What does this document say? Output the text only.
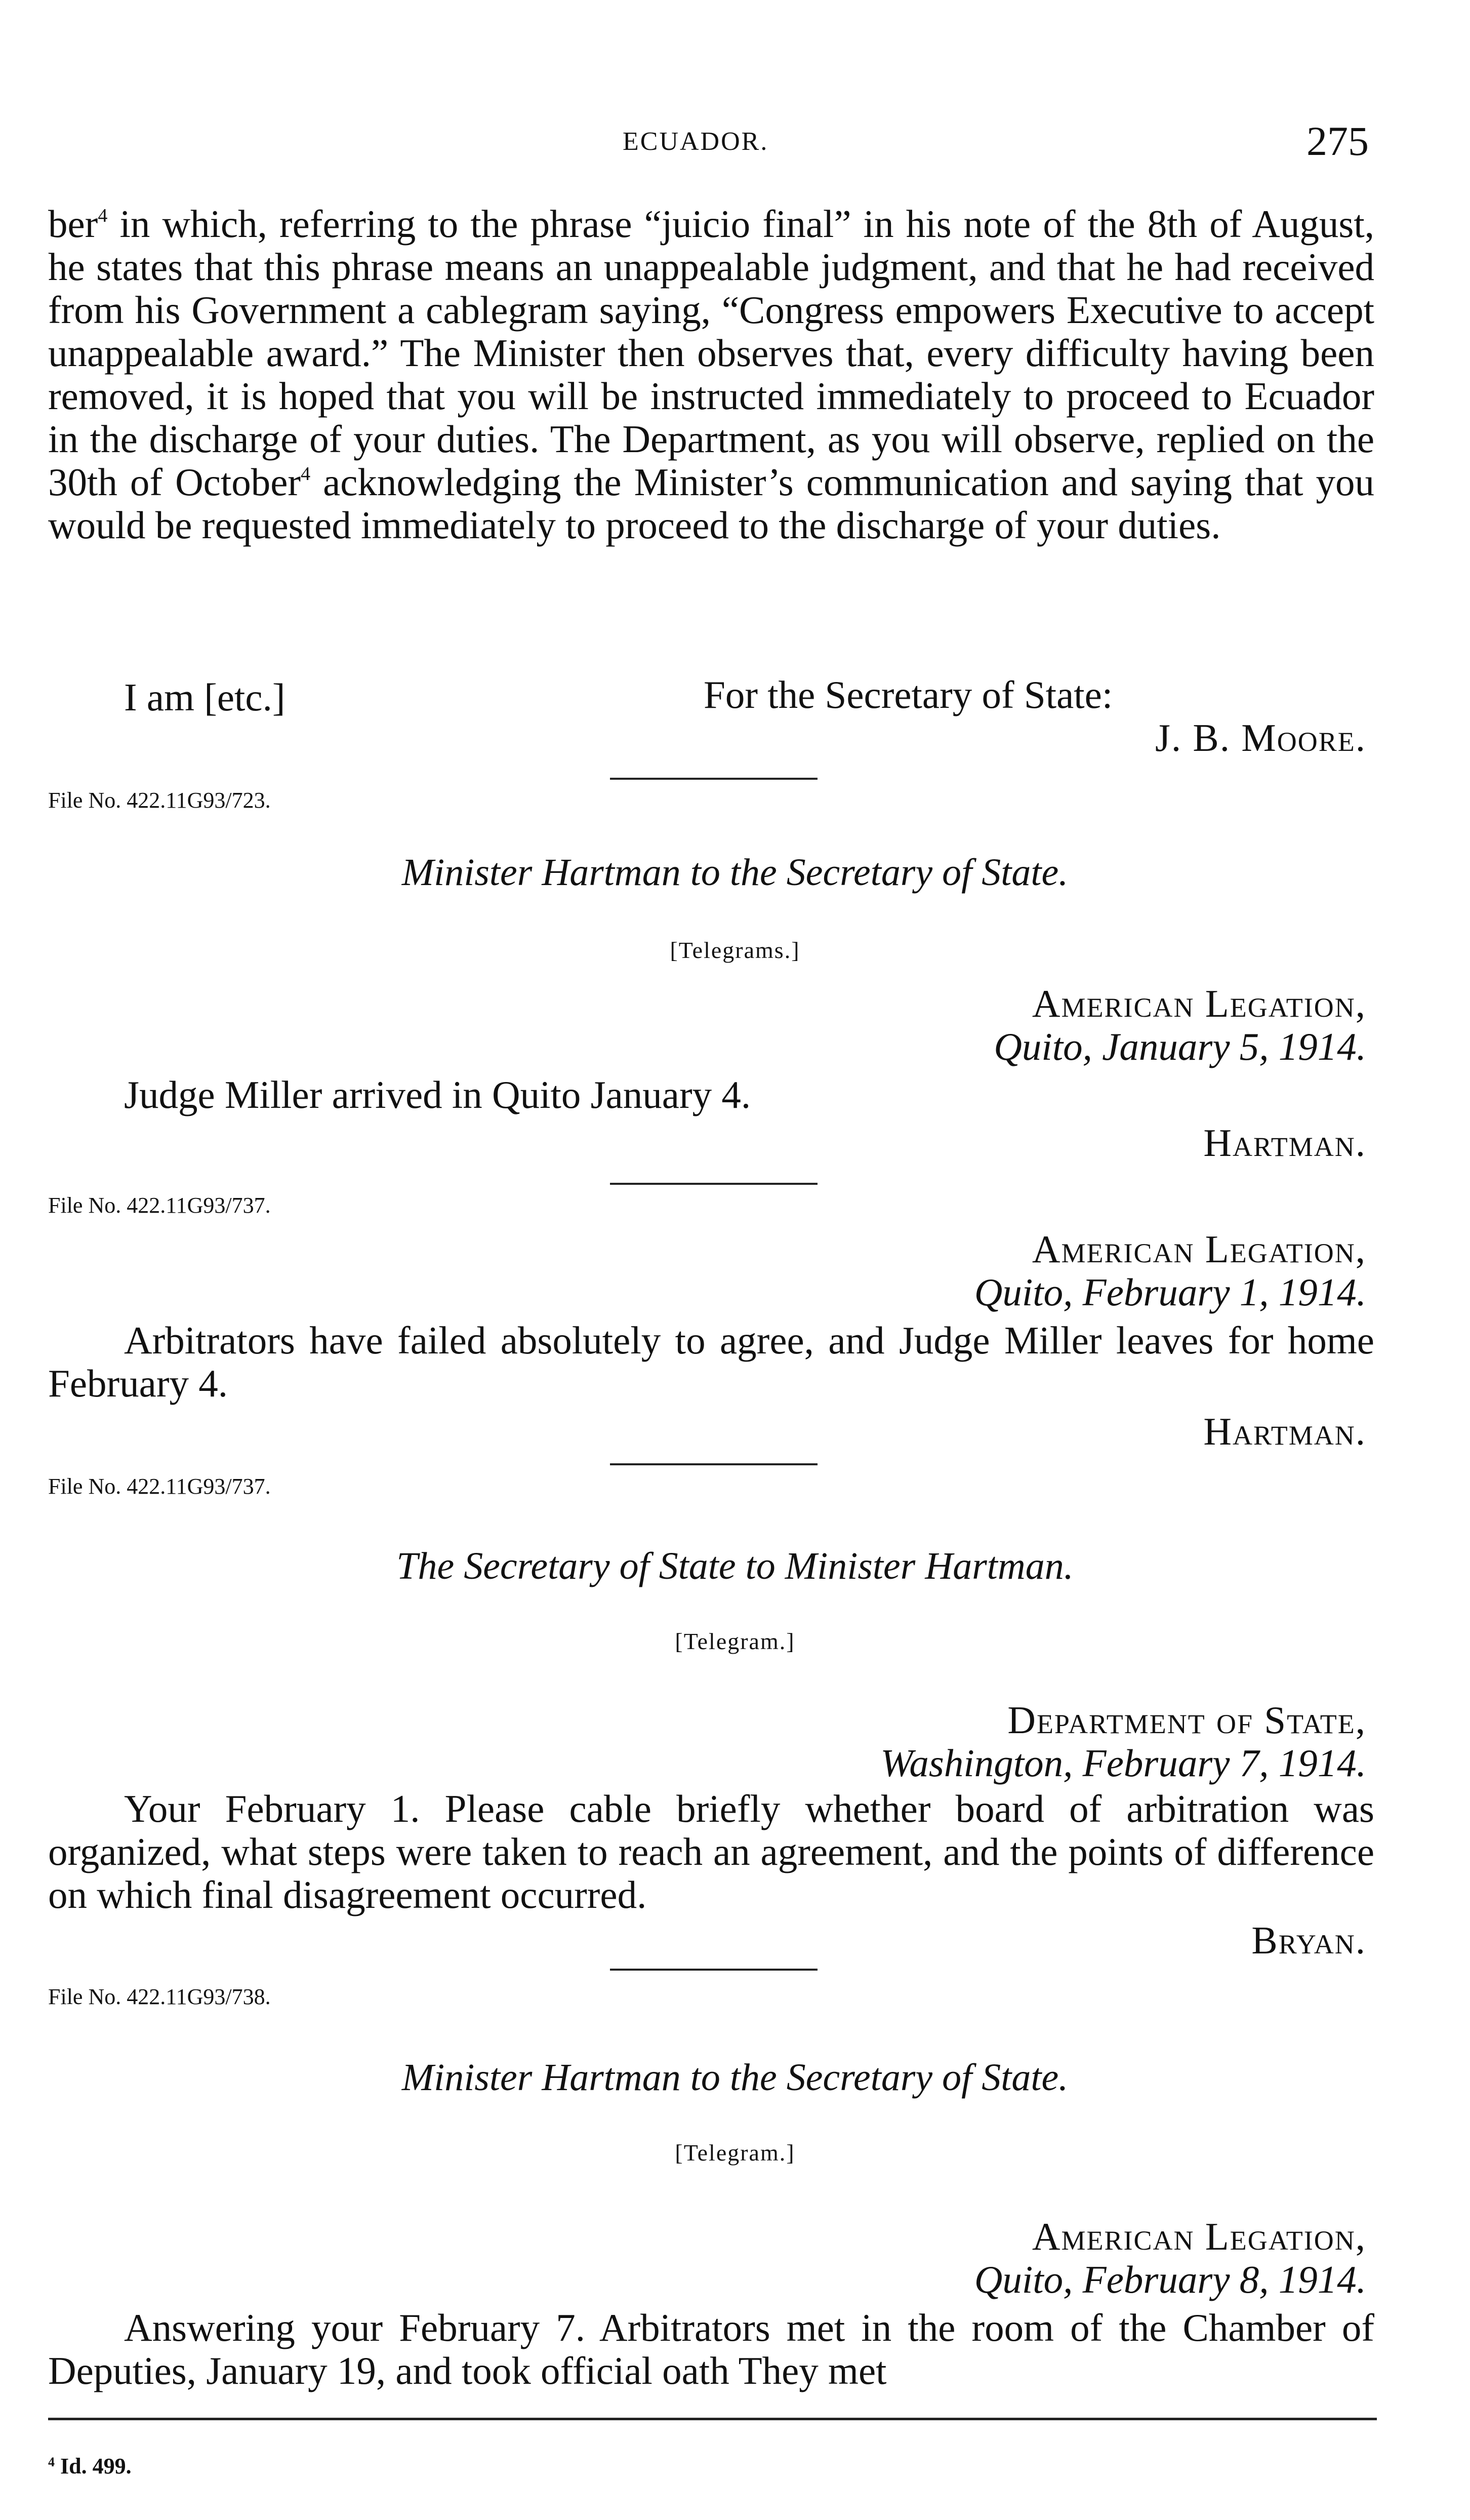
ECUADOR.	275

ber$^4$ in which, referring to the phrase “juicio final” in his note of the 8th of August, he states that this phrase means an unappealable judgment, and that he had received from his Government a cablegram saying, “Congress empowers Executive to accept unappealable award.” The Minister then observes that, every difficulty having been removed, it is hoped that you will be instructed immediately to proceed to Ecuador in the discharge of your duties. The Department, as you will observe, replied on the 30th of October$^4$ acknowledging the Minister’s communication and saying that you would be requested immediately to proceed to the discharge of your duties.

I am [etc.]	For the Secretary of State:

J. B. Moore.

File No. 422.11G93/723.

Minister Hartman to the Secretary of State.

[Telegrams.]

American Legation,

Quito, January 5, 1914.

Judge Miller arrived in Quito January 4.

Hartman.

File No. 422.11G93/737.

American Legation,

Quito, February 1, 1914.

Arbitrators have failed absolutely to agree, and Judge Miller leaves for home February 4.

Hartman.

File No. 422.11G93/737.

The Secretary of State to Minister Hartman.

[Telegram.]

Department of State,

Washington, February 7, 1914.

Your February 1. Please cable briefly whether board of arbitration was organized, what steps were taken to reach an agreement, and the points of difference on which final disagreement occurred.

Bryan.

File No. 422.11G93/738.

Minister Hartman to the Secretary of State.

[Telegram.]

American Legation,

Quito, February 8, 1914.

Answering your February 7. Arbitrators met in the room of the Chamber of Deputies, January 19, and took official oath They met

$^4$ Id. 499.
